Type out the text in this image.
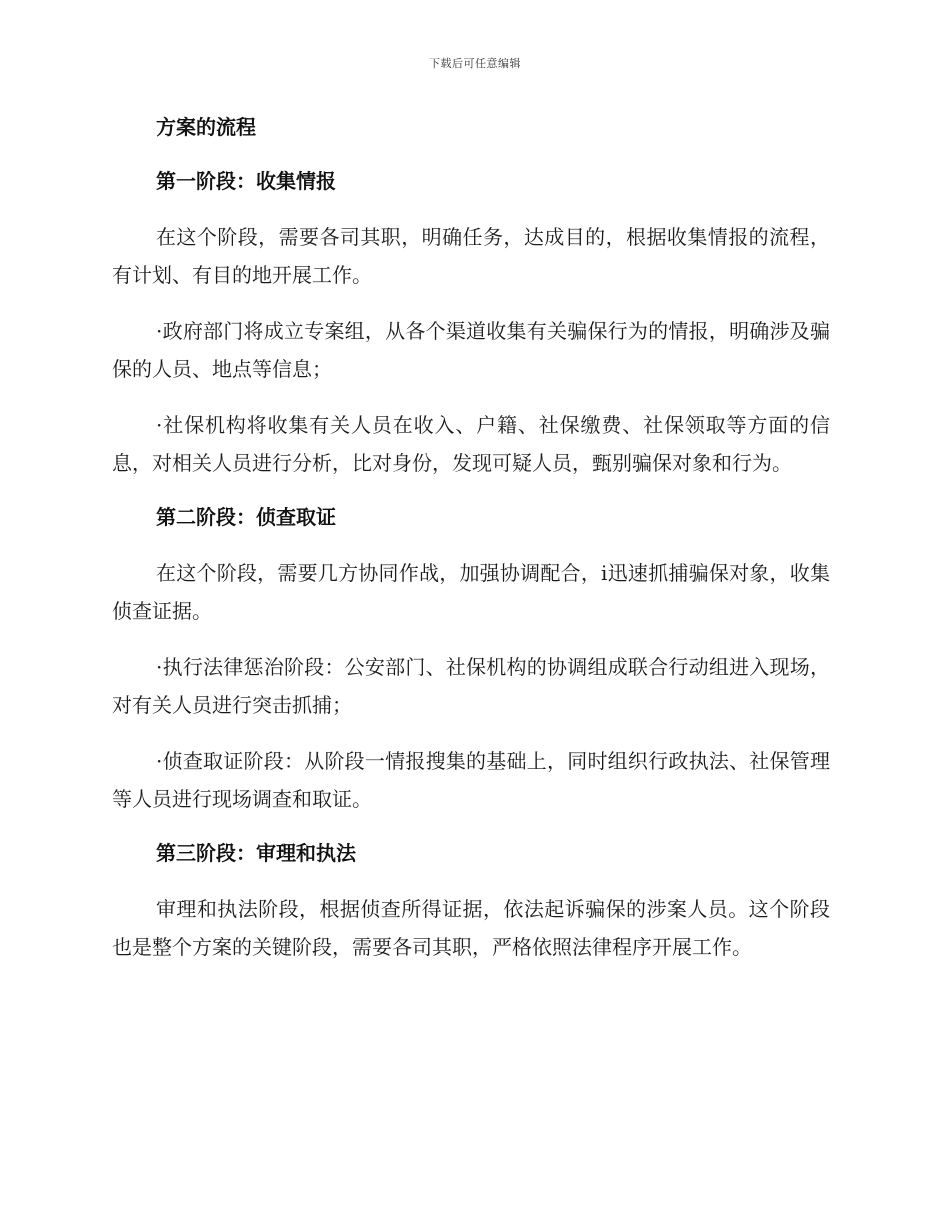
下载后可任意编辑

方案的流程

第一阶段：收集情报

在这个阶段，需要各司其职，明确任务，达成目的，根据收集情报的流程，有计划、有目的地开展工作。

·政府部门将成立专案组，从各个渠道收集有关骗保行为的情报，明确涉及骗保的人员、地点等信息；

·社保机构将收集有关人员在收入、户籍、社保缴费、社保领取等方面的信息，对相关人员进行分析，比对身份，发现可疑人员，甄别骗保对象和行为。

第二阶段：侦查取证

在这个阶段，需要几方协同作战，加强协调配合，i迅速抓捕骗保对象，收集侦查证据。

·执行法律惩治阶段：公安部门、社保机构的协调组成联合行动组进入现场，对有关人员进行突击抓捕；

·侦查取证阶段：从阶段一情报搜集的基础上，同时组织行政执法、社保管理等人员进行现场调查和取证。

第三阶段：审理和执法

审理和执法阶段，根据侦查所得证据，依法起诉骗保的涉案人员。这个阶段也是整个方案的关键阶段，需要各司其职，严格依照法律程序开展工作。
